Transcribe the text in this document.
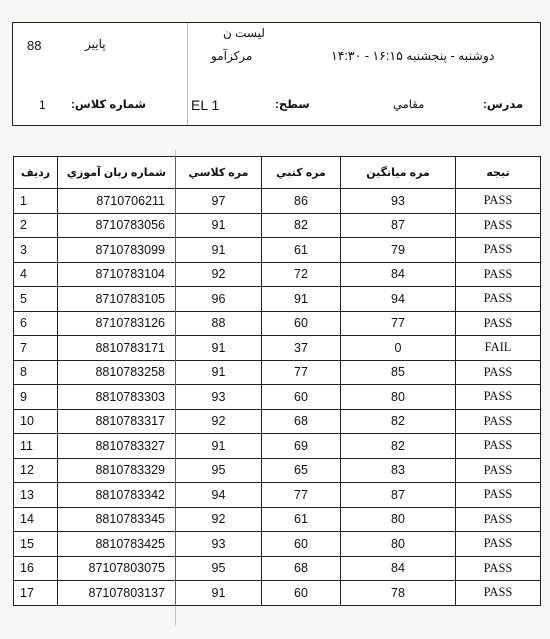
88	پاییز
لیست ن
مرکزآمو	دوشنبه - پنجشنبه ۱۶:۱۵ - ۱۴:۳۰
1 شماره كلاس:	EL 1	سطح:	مقامي	مدرس:
تيجه	مره ميانگين	مره كتبي	مره كلاسي	شماره زبان آموزي	رديف
PASS	93	86	97	8710706211	1
PASS	87	82	91	8710783056	2
PASS	79	61	91	8710783099	3
PASS	84	72	92	8710783104	4
PASS	94	91	96	8710783105	5
PASS	77	60	88	8710783126	6
FAIL	0	37	91	8810783171	7
PASS	85	77	91	8810783258	8
PASS	80	60	93	8810783303	9
PASS	82	68	92	8810783317	10
PASS	82	69	91	8810783327	11
PASS	83	65	95	8810783329	12
PASS	87	77	94	8810783342	13
PASS	80	61	92	8810783345	14
PASS	80	60	93	8810783425	15
PASS	84	68	95	87107803075	16
PASS	78	60	91	87107803137	17
